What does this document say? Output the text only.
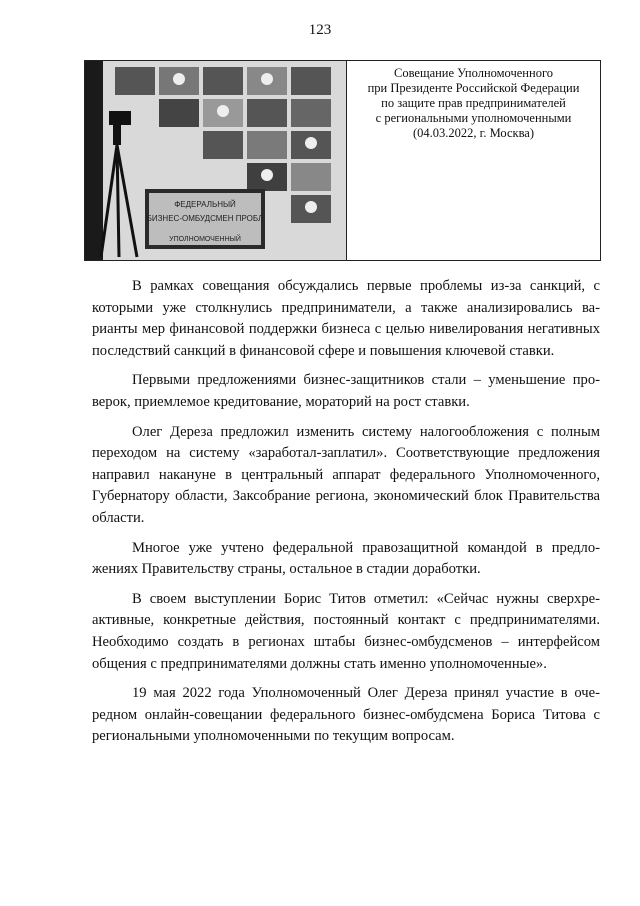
123
ФЕДЕРАЛЬНЫЙ
БИЗНЕС-ОМБУДСМЕН ПРОБЛ
УПОЛНОМОЧЕННЫЙ
Совещание Уполномоченного
при Президенте Российской Федерации
по защите прав предпринимателей
с региональными уполномоченными
(04.03.2022, г. Москва)

В рамках совещания обсуждались первые проблемы из-за санкций, с которыми уже столкнулись предприниматели, а также анализировались варианты мер финансовой поддержки бизнеса с целью нивелирования негативных последствий санкций в финансовой сфере и повышения ключевой ставки.

Первыми предложениями бизнес-защитников стали – уменьшение проверок, приемлемое кредитование, мораторий на рост ставки.

Олег Дереза предложил изменить систему налогообложения с полным переходом на систему «заработал-заплатил». Соответствующие предложения направил накануне в центральный аппарат федерального Уполномоченного, Губернатору области, Заксобрание региона, экономический блок Правительства области.

Многое уже учтено федеральной правозащитной командой в предложениях Правительству страны, остальное в стадии доработки.

В своем выступлении Борис Титов отметил: «Сейчас нужны сверхреактивные, конкретные действия, постоянный контакт с предпринимателями. Необходимо создать в регионах штабы бизнес-омбудсменов – интерфейсом общения с предпринимателями должны стать именно уполномоченные».

19 мая 2022 года Уполномоченный Олег Дереза принял участие в очередном онлайн-совещании федерального бизнес-омбудсмена Бориса Титова с региональными уполномоченными по текущим вопросам.
